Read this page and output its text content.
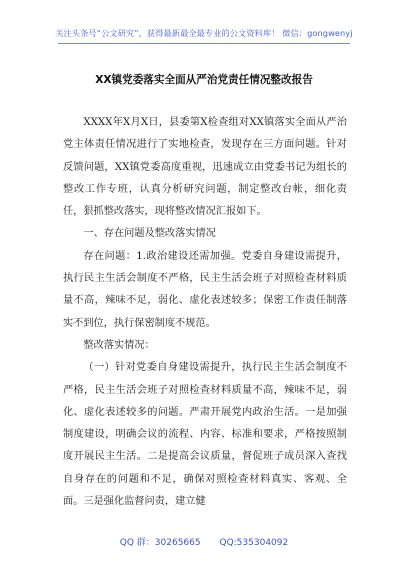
关注头条号“公文研究”，获得最新最全最专业的公文资料库！ 微信：gongwenyj
XX镇党委落实全面从严治党责任情况整改报告

XXXX年X月X日，县委第X检查组对XX镇落实全面从严治党主体责任情况进行了实地检查，发现存在三方面问题。针对反馈问题，XX镇党委高度重视，迅速成立由党委书记为组长的整改工作专班，认真分析研究问题，制定整改台帐，细化责任，狠抓整改落实，现将整改情况汇报如下。

一、存在问题及整改落实情况

存在问题：1.政治建设还需加强。党委自身建设需提升，执行民主生活会制度不严格，民主生活会班子对照检查材料质量不高，辣味不足，弱化、虚化表述较多；保密工作责任制落实不到位，执行保密制度不规范。

整改落实情况：

（一）针对党委自身建设需提升，执行民主生活会制度不严格，民主生活会班子对照检查材料质量不高，辣味不足，弱化、虚化表述较多的问题。严肃开展党内政治生活。一是加强制度建设，明确会议的流程、内容、标准和要求，严格按照制度开展民主生活。二是提高会议质量，督促班子成员深入查找自身存在的问题和不足，确保对照检查材料真实、客观、全面。三是强化监督问责，建立健

QQ 群：30265665 QQ:535304092
